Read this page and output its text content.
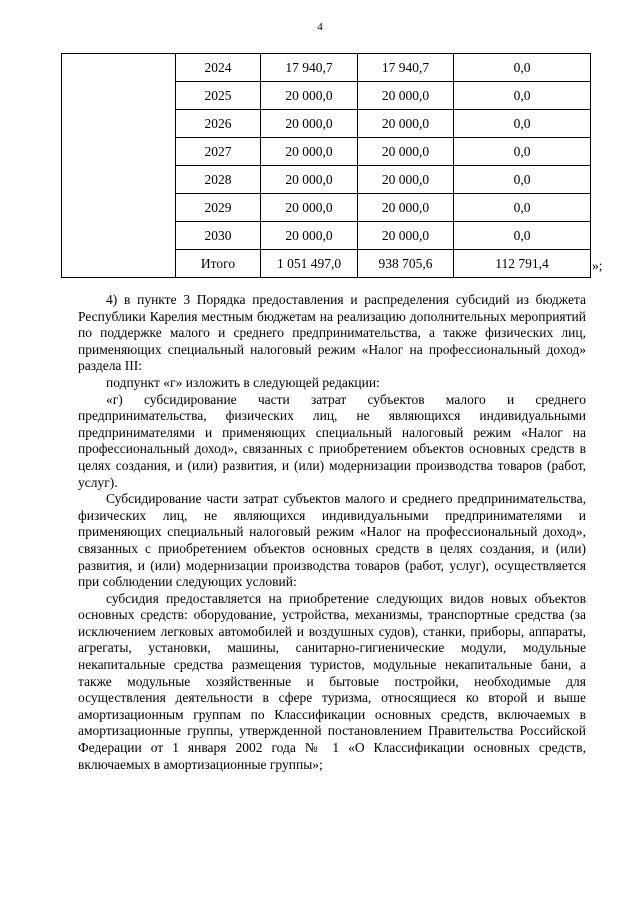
4
	2024	17 940,7	17 940,7	0,0
	2025	20 000,0	20 000,0	0,0
	2026	20 000,0	20 000,0	0,0
	2027	20 000,0	20 000,0	0,0
	2028	20 000,0	20 000,0	0,0
	2029	20 000,0	20 000,0	0,0
	2030	20 000,0	20 000,0	0,0
	Итого	1 051 497,0	938 705,6	112 791,4	»;

4) в пункте 3 Порядка предоставления и распределения субсидий из бюджета Республики Карелия местным бюджетам на реализацию дополнительных мероприятий по поддержке малого и среднего предпринимательства, а также физических лиц, применяющих специальный налоговый режим «Налог на профессиональный доход» раздела III:

подпункт «г» изложить в следующей редакции:

«г) субсидирование части затрат субъектов малого и среднего предпринимательства, физических лиц, не являющихся индивидуальными предпринимателями и применяющих специальный налоговый режим «Налог на профессиональный доход», связанных с приобретением объектов основных средств в целях создания, и (или) развития, и (или) модернизации производства товаров (работ, услуг).

Субсидирование части затрат субъектов малого и среднего предпринимательства, физических лиц, не являющихся индивидуальными предпринимателями и применяющих специальный налоговый режим «Налог на профессиональный доход», связанных с приобретением объектов основных средств в целях создания, и (или) развития, и (или) модернизации производства товаров (работ, услуг), осуществляется при соблюдении следующих условий:

субсидия предоставляется на приобретение следующих видов новых объектов основных средств: оборудование, устройства, механизмы, транспортные средства (за исключением легковых автомобилей и воздушных судов), станки, приборы, аппараты, агрегаты, установки, машины, санитарно-гигиенические модули, модульные некапитальные средства размещения туристов, модульные некапитальные бани, а также модульные хозяйственные и бытовые постройки, необходимые для осуществления деятельности в сфере туризма, относящиеся ко второй и выше амортизационным группам по Классификации основных средств, включаемых в амортизационные группы, утвержденной постановлением Правительства Российской Федерации от 1 января 2002 года № 1 «О Классификации основных средств, включаемых в амортизационные группы»;
